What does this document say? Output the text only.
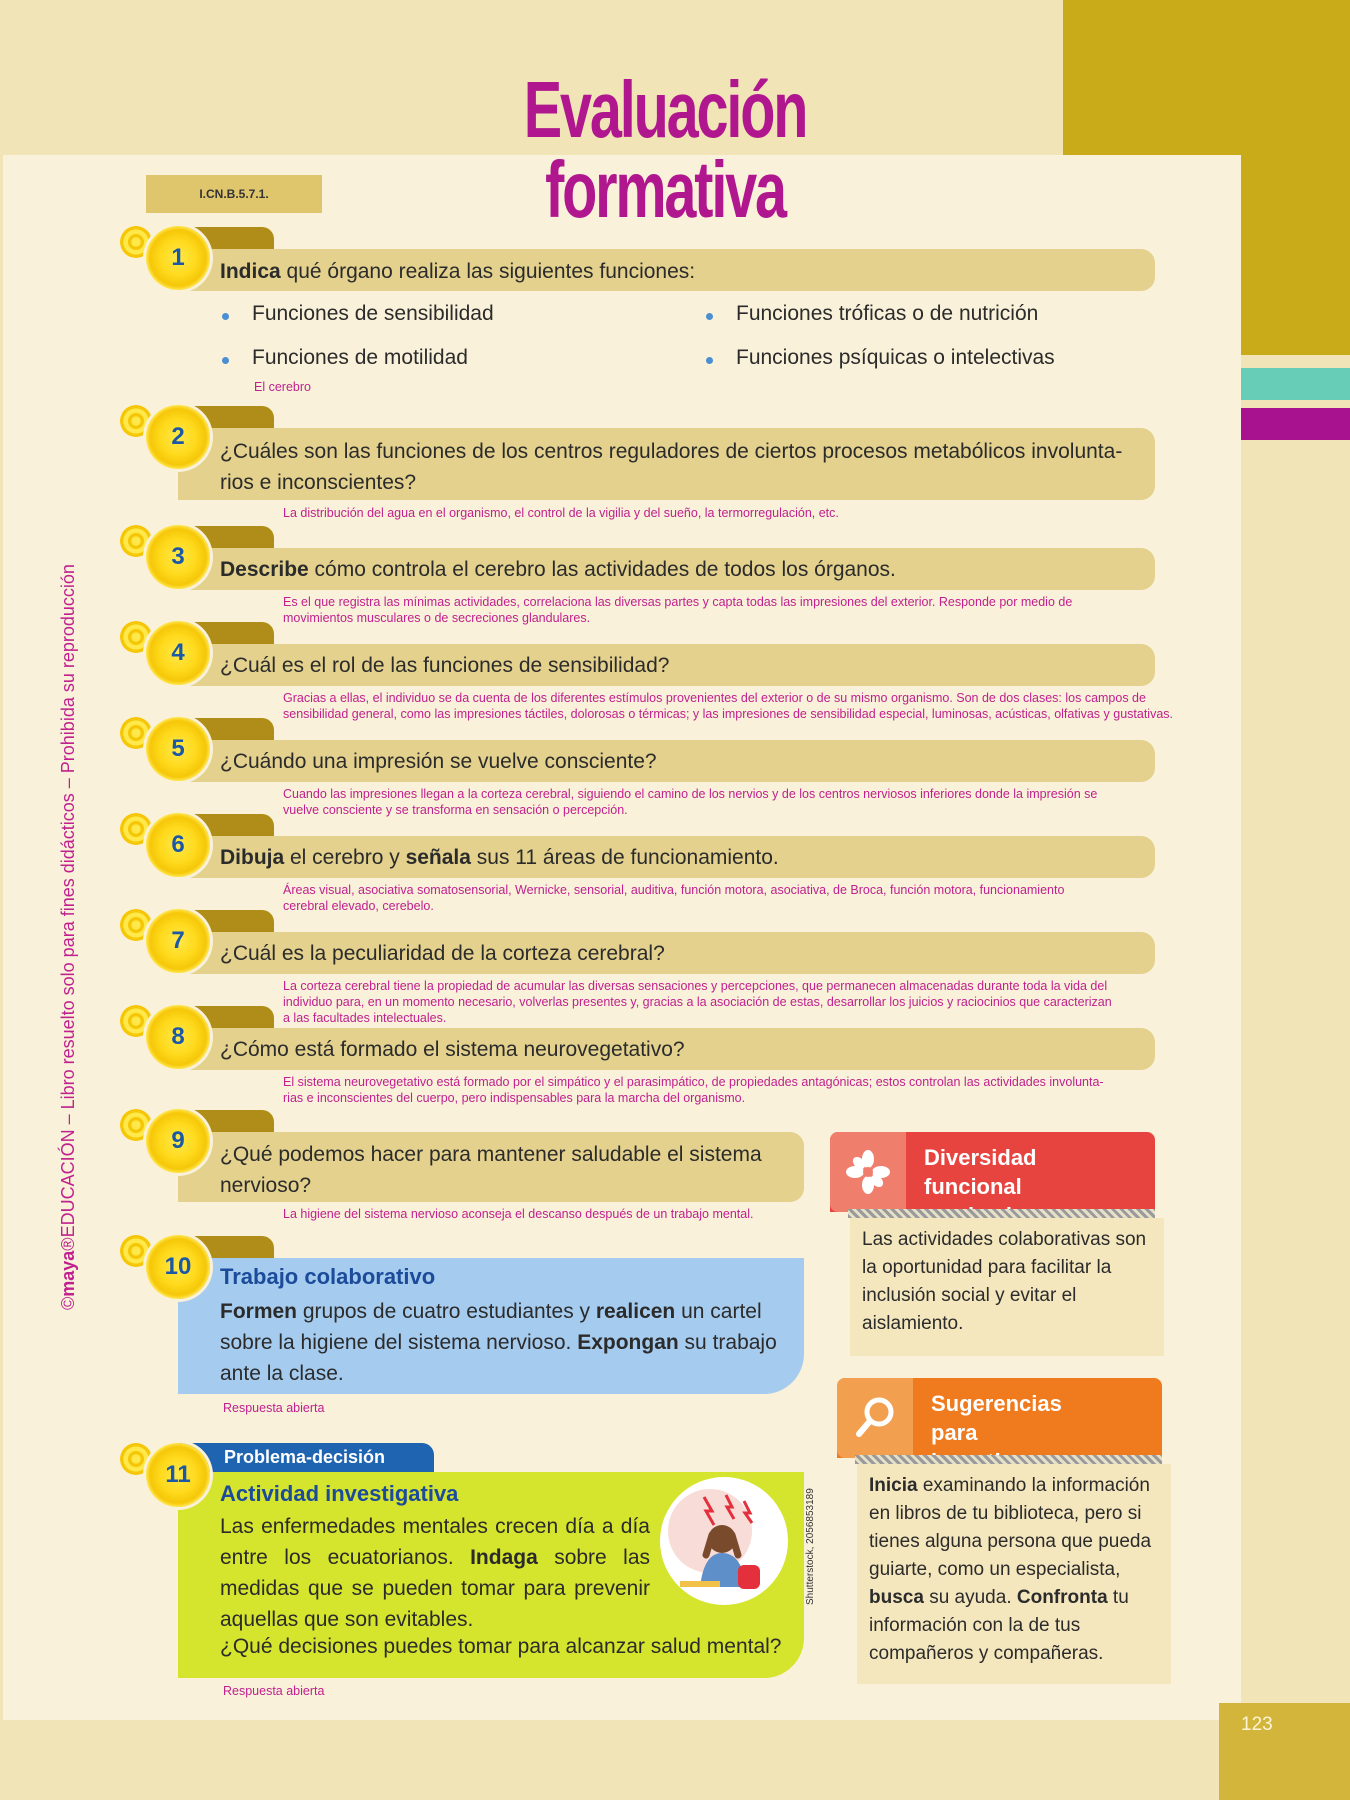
123
Evaluación formativa
I.CN.B.5.7.1.
©maya®EDUCACIÓN – Libro resuelto solo para fines didácticos – Prohibida su reproducción
1
Indica qué órgano realiza las siguientes funciones:
Funciones de sensibilidad	Funciones tróficas o de nutrición
Funciones de motilidad	Funciones psíquicas o intelectivas
El cerebro
2
¿Cuáles son las funciones de los centros reguladores de ciertos procesos metabólicos involunta-
rios e inconscientes?
La distribución del agua en el organismo, el control de la vigilia y del sueño, la termorregulación, etc.
3 Describe cómo controla el cerebro las actividades de todos los órganos.
Es el que registra las mínimas actividades, correlaciona las diversas partes y capta todas las impresiones del exterior. Responde por medio de
movimientos musculares o de secreciones glandulares.
4 ¿Cuál es el rol de las funciones de sensibilidad?
Gracias a ellas, el individuo se da cuenta de los diferentes estímulos provenientes del exterior o de su mismo organismo. Son de dos clases: los campos de
sensibilidad general, como las impresiones táctiles, dolorosas o térmicas; y las impresiones de sensibilidad especial, luminosas, acústicas, olfativas y gustativas.
5 ¿Cuándo una impresión se vuelve consciente?
Cuando las impresiones llegan a la corteza cerebral, siguiendo el camino de los nervios y de los centros nerviosos inferiores donde la impresión se
vuelve consciente y se transforma en sensación o percepción.
6 Dibuja el cerebro y señala sus 11 áreas de funcionamiento.
Áreas visual, asociativa somatosensorial, Wernicke, sensorial, auditiva, función motora, asociativa, de Broca, función motora, funcionamiento
cerebral elevado, cerebelo.
7 ¿Cuál es la peculiaridad de la corteza cerebral?
La corteza cerebral tiene la propiedad de acumular las diversas sensaciones y percepciones, que permanecen almacenadas durante toda la vida del
individuo para, en un momento necesario, volverlas presentes y, gracias a la asociación de estas, desarrollar los juicios y raciocinios que caracterizan
a las facultades intelectuales.
8 ¿Cómo está formado el sistema neurovegetativo?
El sistema neurovegetativo está formado por el simpático y el parasimpático, de propiedades antagónicas; estos controlan las actividades involunta-
rias e inconscientes del cuerpo, pero indispensables para la marcha del organismo.
9
¿Qué podemos hacer para mantener saludable el sistema
nervioso?
La higiene del sistema nervioso aconseja el descanso después de un trabajo mental.
10 Trabajo colaborativo
Formen grupos de cuatro estudiantes y realicen un cartel sobre la higiene del sistema nervioso. Expongan su trabajo ante la clase.
Respuesta abierta
Problema-decisión
11
Actividad investigativa
Las enfermedades mentales crecen día a día entre los ecuatorianos. Indaga sobre las medidas que se pueden tomar para prevenir aquellas que son evitables.
¿Qué decisiones puedes tomar para alcanzar salud mental?
Shutterstock, 2056853189
Respuesta abierta
Diversidad
funcional
Las actividades colaborativas son la oportunidad para facilitar la inclusión social y evitar el aislamiento.
Sugerencias para

Inicia examinando la información en libros de tu biblioteca, pero si tienes alguna persona que pueda guiarte, como un especialista, busca su ayuda. Confronta tu información con la de tus compañeros y compañeras.
